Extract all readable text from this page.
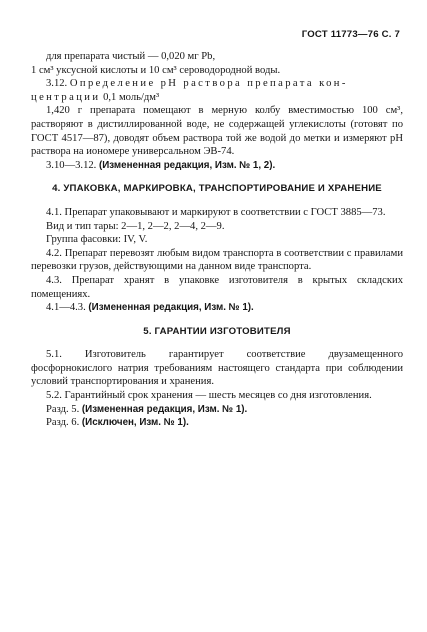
ГОСТ 11773—76 С. 7

для препарата чистый — 0,020 мг Pb,

1 см³ уксусной кислоты и 10 см³ сероводородной воды.

3.12. Определение pH раствора препарата кон-

центрации 0,1 моль/дм³

1,420 г препарата помещают в мерную колбу вместимостью 100 см³, растворяют в дистиллированной воде, не содержащей углекислоты (готовят по ГОСТ 4517—87), доводят объем раствора той же водой до метки и измеряют pH раствора на иономере универсальном ЭВ-74.

3.10—3.12. (Измененная редакция, Изм. № 1, 2).

4. УПАКОВКА, МАРКИРОВКА, ТРАНСПОРТИРОВАНИЕ И ХРАНЕНИЕ

4.1. Препарат упаковывают и маркируют в соответствии с ГОСТ 3885—73.

Вид и тип тары: 2—1, 2—2, 2—4, 2—9.

Группа фасовки: IV, V.

4.2. Препарат перевозят любым видом транспорта в соответствии с правилами перевозки грузов, действующими на данном виде транспорта.

4.3. Препарат хранят в упаковке изготовителя в крытых складских помещениях.

4.1—4.3. (Измененная редакция, Изм. № 1).

5. ГАРАНТИИ ИЗГОТОВИТЕЛЯ

5.1. Изготовитель гарантирует соответствие двузамещенного фосфорнокислого натрия требованиям настоящего стандарта при соблюдении условий транспортирования и хранения.

5.2. Гарантийный срок хранения — шесть месяцев со дня изготовления.

Разд. 5. (Измененная редакция, Изм. № 1).

Разд. 6. (Исключен, Изм. № 1).
